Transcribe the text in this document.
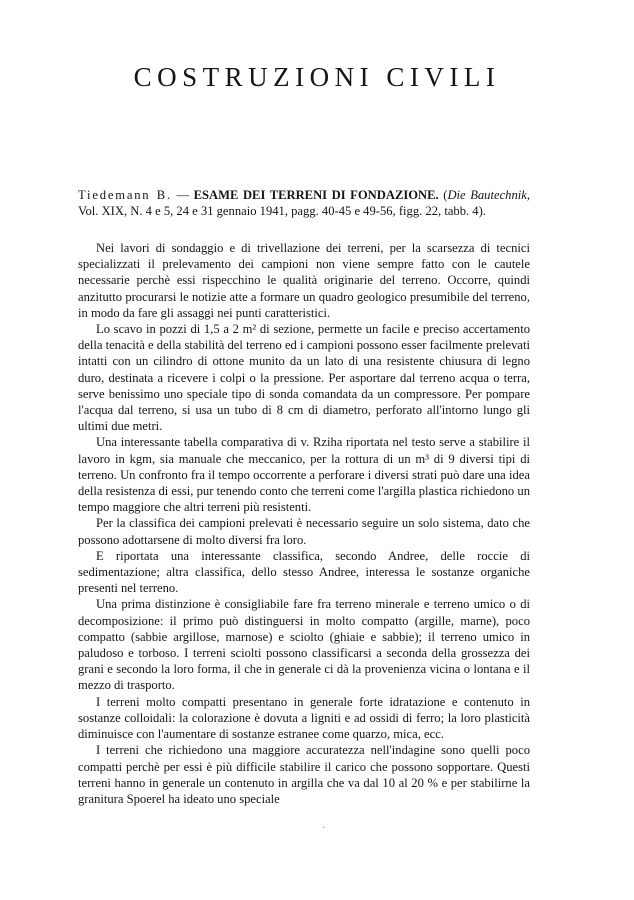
COSTRUZIONI CIVILI

Tiedemann B. — ESAME DEI TERRENI DI FONDAZIONE. (Die Bautechnik, Vol. XIX, N. 4 e 5, 24 e 31 gennaio 1941, pagg. 40-45 e 49-56, figg. 22, tabb. 4).

Nei lavori di sondaggio e di trivellazione dei terreni, per la scarsezza di tecnici specializzati il prelevamento dei campioni non viene sempre fatto con le cautele necessarie perchè essi rispecchino le qualità originarie del terreno. Occorre, quindi anzitutto procurarsi le notizie atte a formare un quadro geologico presumibile del terreno, in modo da fare gli assaggi nei punti caratteristici.

Lo scavo in pozzi di 1,5 a 2 m² di sezione, permette un facile e preciso accertamento della tenacità e della stabilità del terreno ed i campioni possono esser facilmente prelevati intatti con un cilindro di ottone munito da un lato di una resistente chiusura di legno duro, destinata a ricevere i colpi o la pressione. Per asportare dal terreno acqua o terra, serve benissimo uno speciale tipo di sonda comandata da un compressore. Per pompare l'acqua dal terreno, si usa un tubo di 8 cm di diametro, perforato all'intorno lungo gli ultimi due metri.

Una interessante tabella comparativa di v. Rziha riportata nel testo serve a stabilire il lavoro in kgm, sia manuale che meccanico, per la rottura di un m³ di 9 diversi tipi di terreno. Un confronto fra il tempo occorrente a perforare i diversi strati può dare una idea della resistenza di essi, pur tenendo conto che terreni come l'argilla plastica richiedono un tempo maggiore che altri terreni più resistenti.

Per la classifica dei campioni prelevati è necessario seguire un solo sistema, dato che possono adottarsene di molto diversi fra loro.

E riportata una interessante classifica, secondo Andree, delle roccie di sedimentazione; altra classifica, dello stesso Andree, interessa le sostanze organiche presenti nel terreno.

Una prima distinzione è consigliabile fare fra terreno minerale e terreno umico o di decomposizione: il primo può distinguersi in molto compatto (argille, marne), poco compatto (sabbie argillose, marnose) e sciolto (ghiaie e sabbie); il terreno umico in paludoso e torboso. I terreni sciolti possono classificarsi a seconda della grossezza dei grani e secondo la loro forma, il che in generale ci dà la provenienza vicina o lontana e il mezzo di trasporto.

I terreni molto compatti presentano in generale forte idratazione e contenuto in sostanze colloidali: la colorazione è dovuta a ligniti e ad ossidi di ferro; la loro plasticità diminuisce con l'aumentare di sostanze estranee come quarzo, mica, ecc.

I terreni che richiedono una maggiore accuratezza nell'indagine sono quelli poco compatti perchè per essi è più difficile stabilire il carico che possono sopportare. Questi terreni hanno in generale un contenuto in argilla che va dal 10 al 20 % e per stabilirne la granitura Spoerel ha ideato uno speciale

·
